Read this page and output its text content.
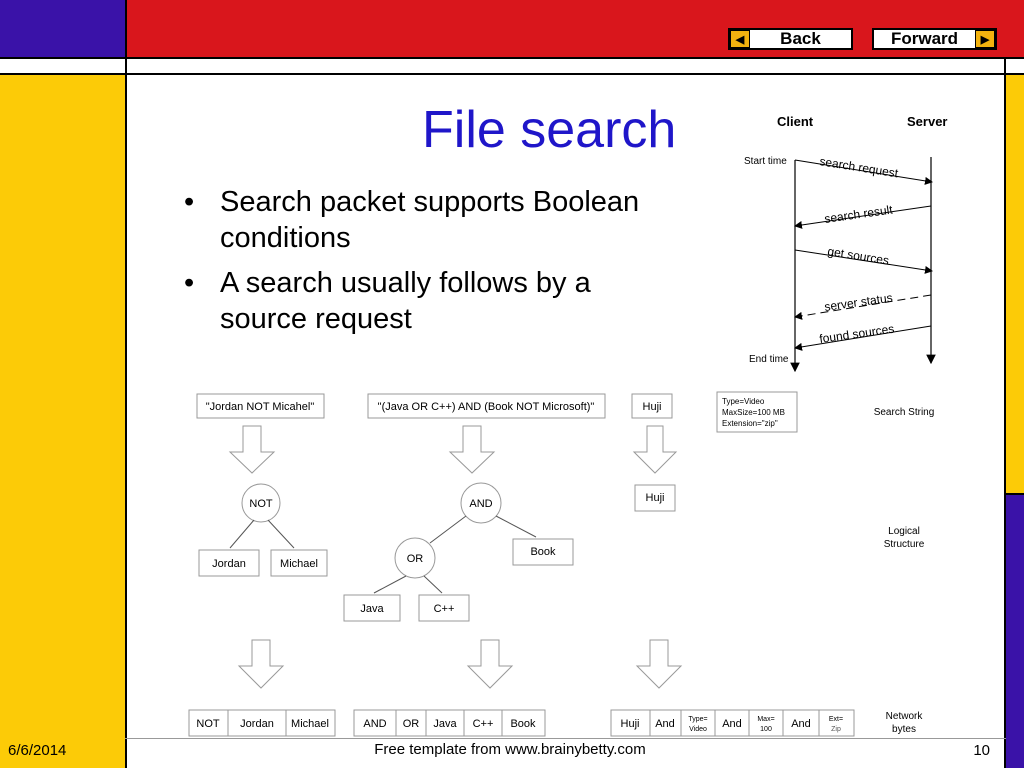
◀	Back	Forward	▶
File search
• Search packet supports Boolean conditions
• A search usually follows by a source request
Client	Server
Start time
End time
search request
search result
get sources
server status
found sources
"Jordan NOT Micahel"	"(Java OR C++) AND (Book NOT Microsoft)"	Huji	Type=Video
MaxSize=100 MB
Extension="zip"
Search String
NOT
Jordan	Michael
AND
OR
Book
Java	C++
Huji
Logical
Structure
Network
bytes
NOT Jordan Michael	AND OR Java C++ Book	Huji And Type=
Video And Max=
100 And	Ext=
Zip
6/6/2014	Free template from www.brainybetty.com	10
